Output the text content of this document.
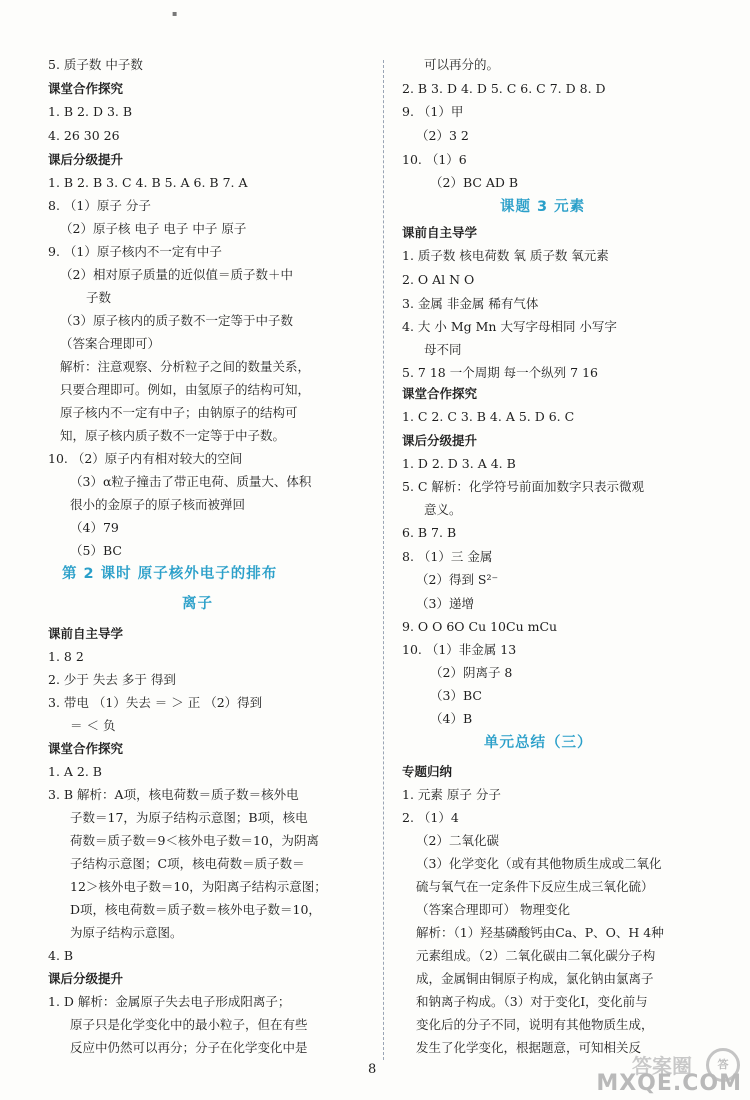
▪
5. 质子数 中子数
课堂合作探究
1. B 2. D 3. B
4. 26 30 26
课后分级提升
1. B 2. B 3. C 4. B 5. A 6. B 7. A
8. （1）原子 分子
（2）原子核 电子 电子 中子 原子
9. （1）原子核内不一定有中子
（2）相对原子质量的近似值＝质子数＋中
子数
（3）原子核内的质子数不一定等于中子数
（答案合理即可）
解析：注意观察、分析粒子之间的数量关系，
只要合理即可。例如，由氢原子的结构可知，
原子核内不一定有中子；由钠原子的结构可
知，原子核内质子数不一定等于中子数。
10. （2）原子内有相对较大的空间
（3）α粒子撞击了带正电荷、质量大、体积
很小的金原子的原子核而被弹回
（4）79
（5）BC
课前自主导学
1. 8 2
2. 少于 失去 多于 得到
3. 带电 （1）失去 ＝ ＞ 正 （2）得到
＝ ＜ 负
课堂合作探究
1. A 2. B
3. B 解析：A项，核电荷数＝质子数＝核外电
子数＝17，为原子结构示意图；B项，核电
荷数＝质子数＝9＜核外电子数＝10，为阴离
子结构示意图；C项，核电荷数＝质子数＝
12＞核外电子数＝10，为阳离子结构示意图；
D项，核电荷数＝质子数＝核外电子数＝10，
为原子结构示意图。
4. B
课后分级提升
1. D 解析：金属原子失去电子形成阳离子；
原子只是化学变化中的最小粒子，但在有些
反应中仍然可以再分；分子在化学变化中是
第 2 课时 原子核外电子的排布
离子
可以再分的。
2. B 3. D 4. D 5. C 6. C 7. D 8. D
9. （1）甲
（2）3 2
10. （1）6
（2）BC AD B
课前自主导学
1. 质子数 核电荷数 氧 质子数 氧元素
2. O Al N O
3. 金属 非金属 稀有气体
4. 大 小 Mg Mn 大写字母相同 小写字
母不同
5. 7 18 一个周期 每一个纵列 7 16
课堂合作探究
1. C 2. C 3. B 4. A 5. D 6. C
课后分级提升
1. D 2. D 3. A 4. B
5. C 解析：化学符号前面加数字只表示微观
意义。
6. B 7. B
8. （1）三 金属
（2）得到 S²⁻
（3）递增
9. O O 6O Cu 10Cu mCu
10. （1）非金属 13
（2）阴离子 8
（3）BC
（4）B
专题归纳
1. 元素 原子 分子
2. （1）4
（2）二氧化碳
（3）化学变化（或有其他物质生成或二氧化
硫与氧气在一定条件下反应生成三氧化硫）
（答案合理即可） 物理变化
解析：（1）羟基磷酸钙由Ca、P、O、H 4种
元素组成。（2）二氧化碳由二氧化碳分子构
成，金属铜由铜原子构成，氯化钠由氯离子
和钠离子构成。（3）对于变化Ⅰ，变化前与
变化后的分子不同，说明有其他物质生成，
发生了化学变化，根据题意，可知相关反
课题 3 元素
单元总结（三）
8	答案圈	答
MXQE.COM
